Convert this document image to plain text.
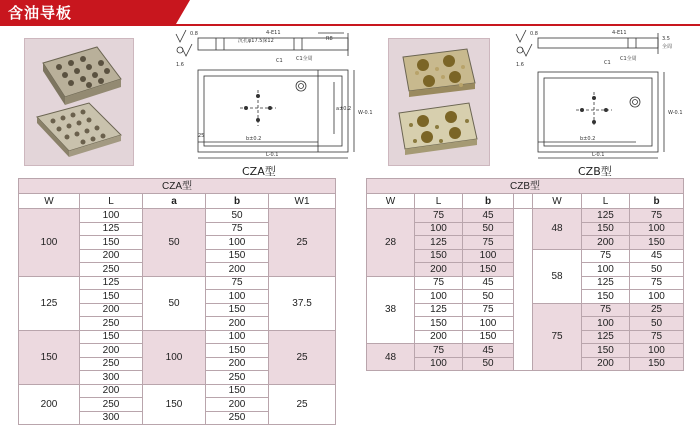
含油导板
0.8
1.6
4-E11
沉孔φ17.5深12	R8
C1	C1全周
b±0.2
L-0.1
W-0.1
a±0.2
25
CZA型
0.8
1.6
4-E11
3.5
全周
C1
C1全周
b±0.2
L-0.1
W-0.1
CZB型
CZA型				
W	L	a	b	W1
100	100	50	50	25
	125		75	
	150		100	
	200		150	
	250		200	
125	125	50	75	37.5
	150		100	
	200		150	
	250		200	
150	150	100	100	25
	200		150	
	250		200	
	300		250	
200	200	150	150	25
	250		200	
	300		250	
CZB型						
W	L	b		W	L	b
28	75	45		48	125	75
	100	50			150	100
	125	75			200	150
	150	100		58	75	45
	200	150			100	50
38	75	45			125	75
	100	50			150	100
	125	75		75	75	25
	150	100			100	50
	200	150			125	75
48	75	45			150	100
	100	50			200	150
